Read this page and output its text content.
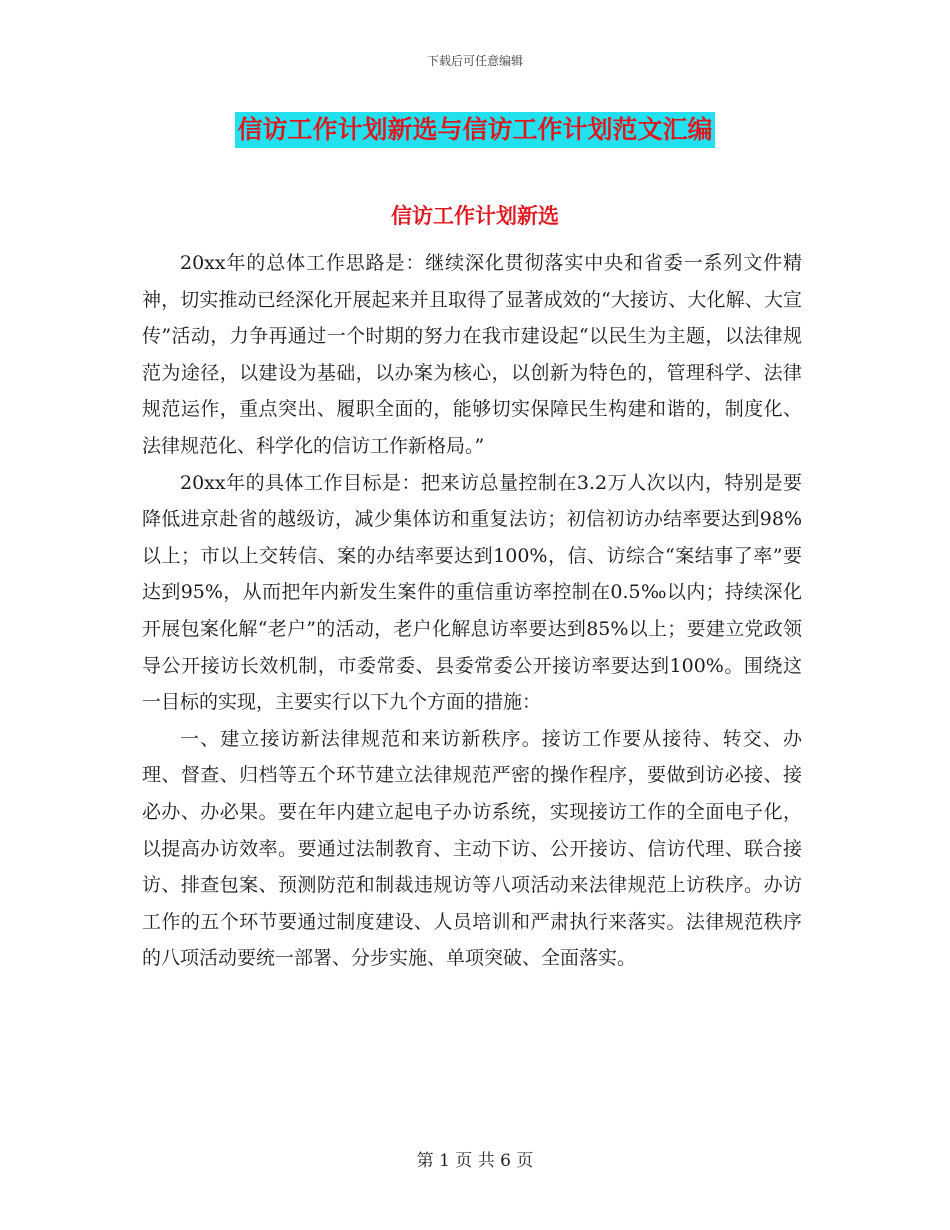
下载后可任意编辑
信访工作计划新选与信访工作计划范文汇编
信访工作计划新选

20xx年的总体工作思路是：继续深化贯彻落实中央和省委一系列文件精神，切实推动已经深化开展起来并且取得了显著成效的“大接访、大化解、大宣传”活动，力争再通过一个时期的努力在我市建设起“以民生为主题，以法律规范为途径，以建设为基础，以办案为核心，以创新为特色的，管理科学、法律规范运作，重点突出、履职全面的，能够切实保障民生构建和谐的，制度化、法律规范化、科学化的信访工作新格局。”

20xx年的具体工作目标是：把来访总量控制在3.2万人次以内，特别是要降低进京赴省的越级访，减少集体访和重复法访；初信初访办结率要达到98%以上；市以上交转信、案的办结率要达到100%，信、访综合“案结事了率”要达到95%，从而把年内新发生案件的重信重访率控制在0.5‰以内；持续深化开展包案化解“老户”的活动，老户化解息访率要达到85%以上；要建立党政领导公开接访长效机制，市委常委、县委常委公开接访率要达到100%。围绕这一目标的实现，主要实行以下九个方面的措施：

一、建立接访新法律规范和来访新秩序。接访工作要从接待、转交、办理、督查、归档等五个环节建立法律规范严密的操作程序，要做到访必接、接必办、办必果。要在年内建立起电子办访系统，实现接访工作的全面电子化，以提高办访效率。要通过法制教育、主动下访、公开接访、信访代理、联合接访、排查包案、预测防范和制裁违规访等八项活动来法律规范上访秩序。办访工作的五个环节要通过制度建设、人员培训和严肃执行来落实。法律规范秩序的八项活动要统一部署、分步实施、单项突破、全面落实。

第 1 页 共 6 页
